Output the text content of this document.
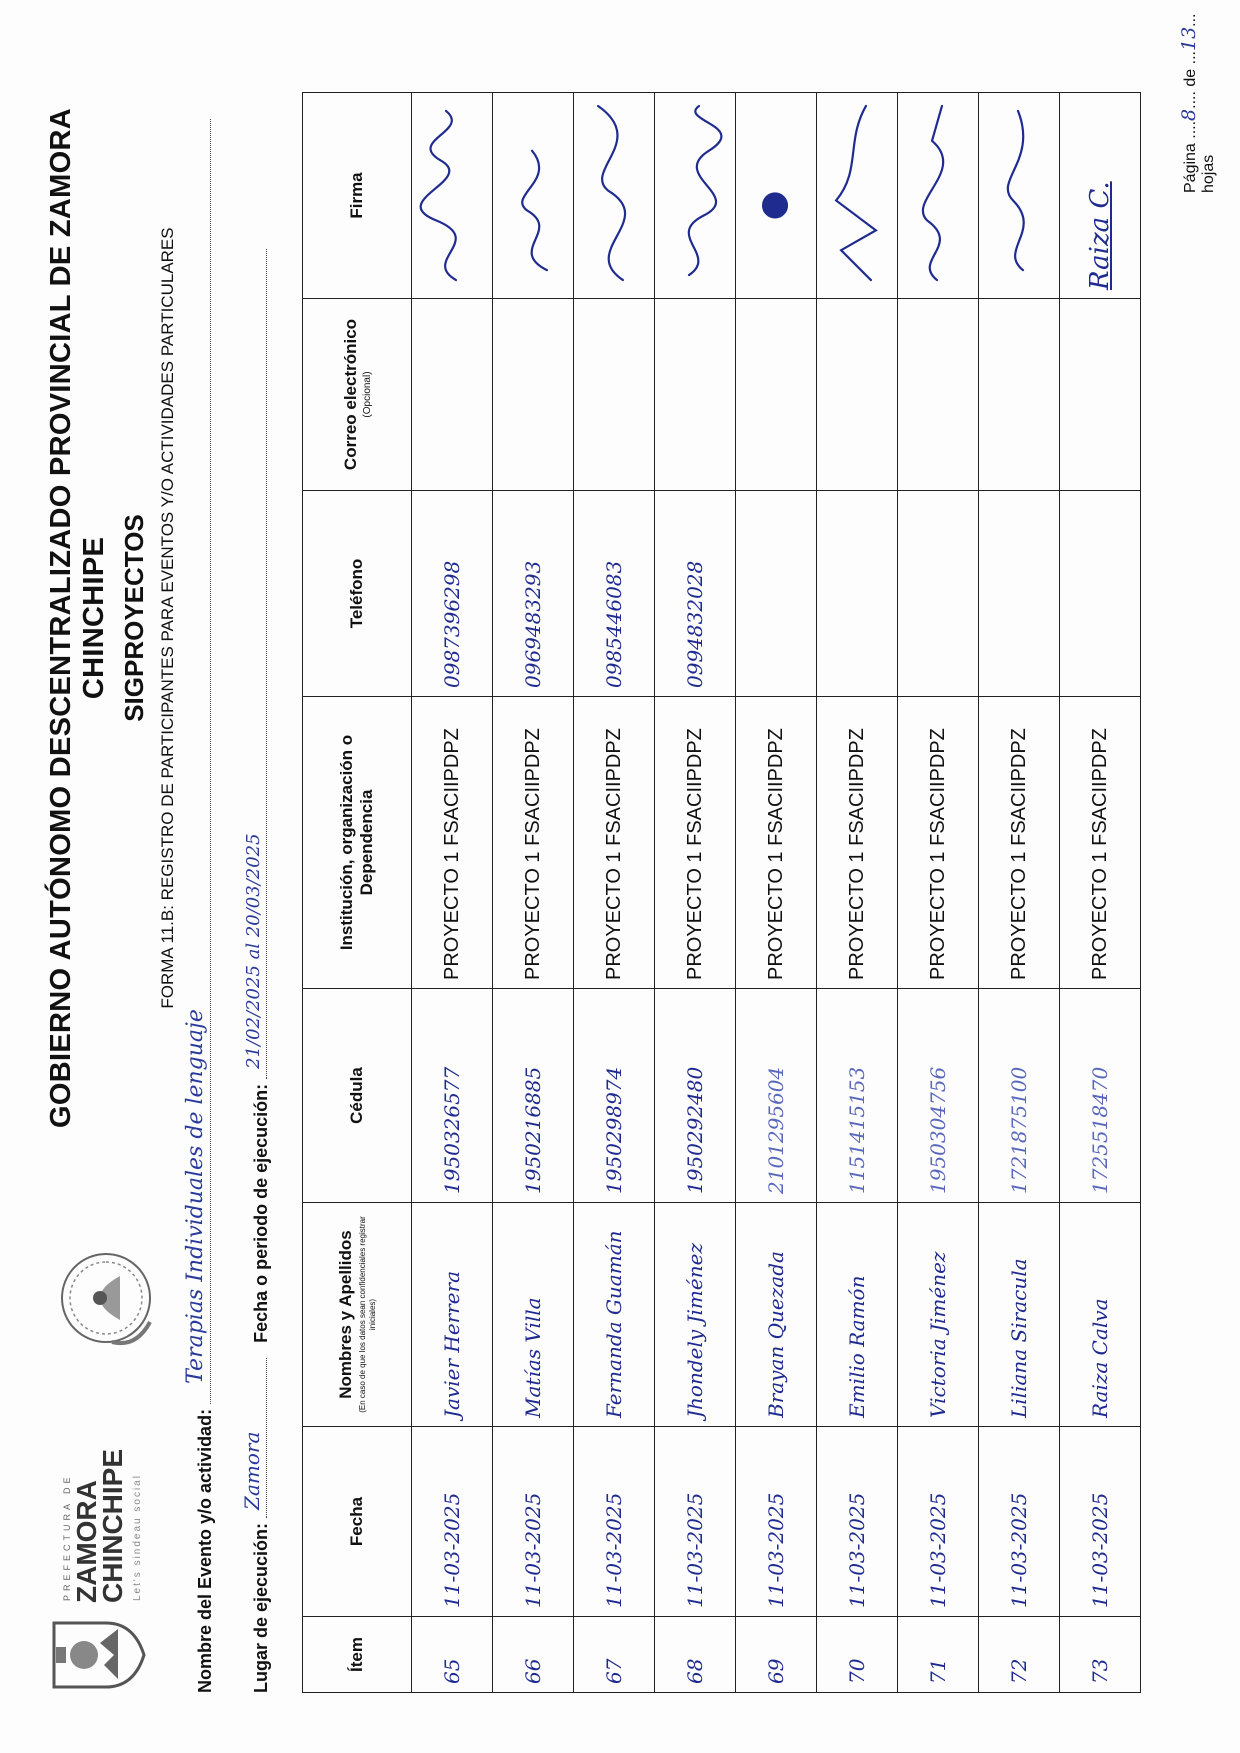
PREFECTURA DE ZAMORA
CHINCHIPE Let's sindeau social
GOBIERNO AUTÓNOMO DESCENTRALIZADO PROVINCIAL DE ZAMORA CHINCHIPE SIGPROYECTOS FORMA 11.B: REGISTRO DE PARTICIPANTES PARA EVENTOS Y/O ACTIVIDADES PARTICULARES
Nombre del Evento y/o actividad:
Terapias Individuales de lenguaje
Lugar de ejecución:
Zamora
Fecha o periodo de ejecución:
21/02/2025 al 20/03/2025
Ítem	Fecha	Nombres y Apellidos (En caso de que los datos sean confidenciales registrar iniciales)	Cédula	Institución, organización o Dependencia	Teléfono	Correo electrónico (Opcional)	Firma
65	11-03-2025	Javier Herrera	1950326577	PROYECTO 1 FSACIIPDPZ	0987396298		

66	11-03-2025	Matías Villa	1950216885	PROYECTO 1 FSACIIPDPZ	0969483293		

67	11-03-2025	Fernanda Guamán	1950298974	PROYECTO 1 FSACIIPDPZ	0985446083		

68	11-03-2025	Jhondely Jiménez	1950292480	PROYECTO 1 FSACIIPDPZ	0994832028		

69	11-03-2025	Brayan Quezada	2101295604	PROYECTO 1 FSACIIPDPZ			

70	11-03-2025	Emilio Ramón	1151415153	PROYECTO 1 FSACIIPDPZ			

71	11-03-2025	Victoria Jiménez	1950304756	PROYECTO 1 FSACIIPDPZ			

72	11-03-2025	Liliana Siracula	1721875100	PROYECTO 1 FSACIIPDPZ			

73	11-03-2025	Raiza Calva	1725518470	PROYECTO 1 FSACIIPDPZ			Raiza C.
Página ....8.... de ...13... hojas
